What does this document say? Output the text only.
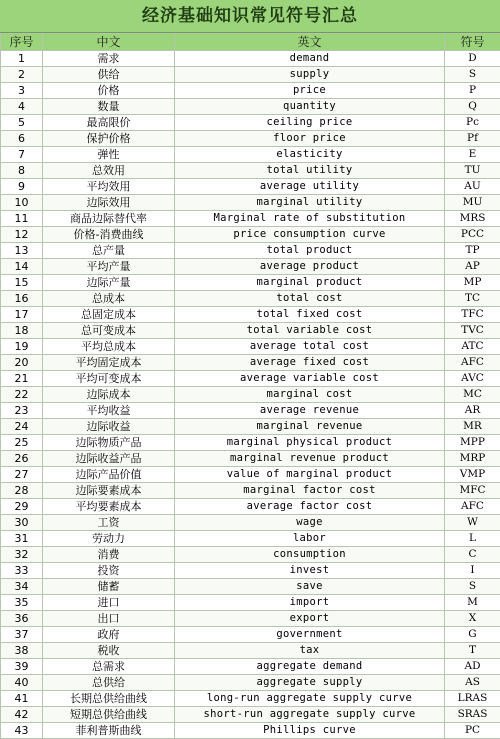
经济基础知识常见符号汇总
序号	中文	英文	符号
1	需求	demand	D
2	供给	supply	S
3	价格	price	P
4	数量	quantity	Q
5	最高限价	ceiling price	Pc
6	保护价格	floor price	Pf
7	弹性	elasticity	E
8	总效用	total utility	TU
9	平均效用	average utility	AU
10	边际效用	marginal utility	MU
11	商品边际替代率	Marginal rate of substitution	MRS
12	价格-消费曲线	price consumption curve	PCC
13	总产量	total product	TP
14	平均产量	average product	AP
15	边际产量	marginal product	MP
16	总成本	total cost	TC
17	总固定成本	total fixed cost	TFC
18	总可变成本	total variable cost	TVC
19	平均总成本	average total cost	ATC
20	平均固定成本	average fixed cost	AFC
21	平均可变成本	average variable cost	AVC
22	边际成本	marginal cost	MC
23	平均收益	average revenue	AR
24	边际收益	marginal revenue	MR
25	边际物质产品	marginal physical product	MPP
26	边际收益产品	marginal revenue product	MRP
27	边际产品价值	value of marginal product	VMP
28	边际要素成本	marginal factor cost	MFC
29	平均要素成本	average factor cost	AFC
30	工资	wage	W
31	劳动力	labor	L
32	消费	consumption	C
33	投资	invest	I
34	储蓄	save	S
35	进口	import	M
36	出口	export	X
37	政府	government	G
38	税收	tax	T
39	总需求	aggregate demand	AD
40	总供给	aggregate supply	AS
41	长期总供给曲线	long-run aggregate supply curve	LRAS
42	短期总供给曲线	short-run aggregate supply curve	SRAS
43	菲利普斯曲线	Phillips curve	PC
